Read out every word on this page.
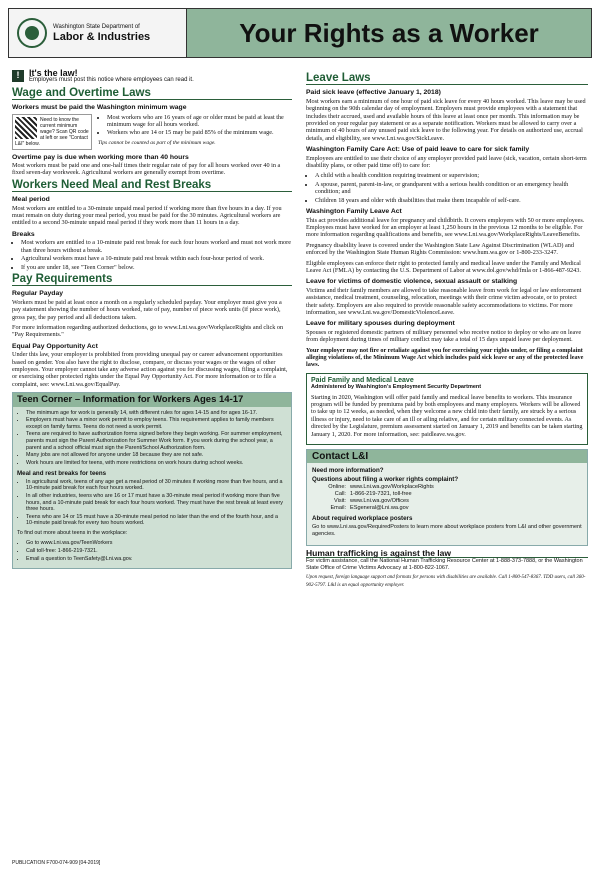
Washington State Department of
Labor & Industries	Your Rights as a Worker
!	It's the law!
Employers must post this notice where employees can read it.
Wage and Overtime Laws
Workers must be paid the Washington minimum wage
Need to know the current minimum wage? Scan QR code at left or see "Contact L&I" below.
• Most workers who are 16 years of age or older must be paid at least the minimum wage for all hours worked.
• Workers who are 14 or 15 may be paid 85% of the minimum wage.
Tips cannot be counted as part of the minimum wage.
Overtime pay is due when working more than 40 hours

Most workers must be paid one and one-half times their regular rate of pay for all hours worked over 40 in a fixed seven-day workweek. Agricultural workers are generally exempt from overtime.

Workers Need Meal and Rest Breaks
Meal period

Most workers are entitled to a 30-minute unpaid meal period if working more than five hours in a day. If you must remain on duty during your meal period, you must be paid for the 30 minutes. Agricultural workers are entitled to a second 30-minute unpaid meal period if they work more than 11 hours in a day.

Breaks
• Most workers are entitled to a 10-minute paid rest break for each four hours worked and must not work more than three hours without a break.
• Agricultural workers must have a 10-minute paid rest break within each four-hour period of work.
• If you are under 18, see "Teen Corner" below.
Pay Requirements
Regular Payday

Workers must be paid at least once a month on a regularly scheduled payday. Your employer must give you a pay statement showing the number of hours worked, rate of pay, number of piece work units (if piece work), gross pay, the pay period and all deductions taken.

For more information regarding authorized deductions, go to www.Lni.wa.gov/WorkplaceRights and click on "Pay Requirements."

Equal Pay Opportunity Act

Under this law, your employer is prohibited from providing unequal pay or career advancement opportunities based on gender. You also have the right to disclose, compare, or discuss your wages or the wages of other employees. Your employer cannot take any adverse action against you for discussing wages, filing a complaint, or exercising other protected rights under the Equal Pay Opportunity Act. For more information or to file a complaint, see: www.Lni.wa.gov/EqualPay.

Teen Corner – Information for Workers Ages 14-17
• The minimum age for work is generally 14, with different rules for ages 14-15 and for ages 16-17.
• Employers must have a minor work permit to employ teens. This requirement applies to family members except on family farms. Teens do not need a work permit.
• Teens are required to have authorization forms signed before they begin working. For summer employment, parents must sign the Parent Authorization for Summer Work form. If you work during the school year, a parent and a school official must sign the Parent/School Authorization form.
• Many jobs are not allowed for anyone under 18 because they are not safe.
• Work hours are limited for teens, with more restrictions on work hours during school weeks.
Meal and rest breaks for teens
• In agricultural work, teens of any age get a meal period of 30 minutes if working more than five hours, and a 10-minute paid break for each four hours worked.
• In all other industries, teens who are 16 or 17 must have a 30-minute meal period if working more than five hours, and a 10-minute paid break for each four hours worked. They must have the rest break at least every three hours.
• Teens who are 14 or 15 must have a 30-minute meal period no later than the end of the fourth hour, and a 10-minute paid break for every two hours worked.

To find out more about teens in the workplace:

• Go to www.Lni.wa.gov/TeenWorkers
• Call toll-free: 1-866-219-7321.
• Email a question to TeenSafety@Lni.wa.gov.
Leave Laws
Paid sick leave (effective January 1, 2018)

Most workers earn a minimum of one hour of paid sick leave for every 40 hours worked. This leave may be used beginning on the 90th calendar day of employment. Employers must provide employees with a statement that includes their accrued, used and available hours of this leave at least once per month. This information may be provided on your regular pay statement or as a separate notification. Workers must be allowed to carry over a minimum of 40 hours of any unused paid sick leave to the following year. For details on authorized use, accrual details, and eligibility, see www.Lni.wa.gov/SickLeave.

Washington Family Care Act: Use of paid leave to care for sick family

Employees are entitled to use their choice of any employer provided paid leave (sick, vacation, certain short-term disability plans, or other paid time off) to care for:

• A child with a health condition requiring treatment or supervision;
• A spouse, parent, parent-in-law, or grandparent with a serious health condition or an emergency health condition; and
• Children 18 years and older with disabilities that make them incapable of self-care.
Washington Family Leave Act

This act provides additional leave for pregnancy and childbirth. It covers employers with 50 or more employees. Employees must have worked for an employer at least 1,250 hours in the previous 12 months to be eligible. For more information regarding qualifications and benefits, see www.Lni.wa.gov/WorkplaceRights/LeaveBenefits.

Pregnancy disability leave is covered under the Washington State Law Against Discrimination (WLAD) and enforced by the Washington State Human Rights Commission: www.hum.wa.gov or 1-800-233-3247.

Eligible employees can enforce their right to protected family and medical leave under the Family and Medical Leave Act (FMLA) by contacting the U.S. Department of Labor at www.dol.gov/whd/fmla or 1-866-487-9243.

Leave for victims of domestic violence, sexual assault or stalking

Victims and their family members are allowed to take reasonable leave from work for legal or law enforcement assistance, medical treatment, counseling, relocation, meetings with their crime victim advocate, or to protect their safety. Employers are also required to provide reasonable safety accommodations to victims. For more information, see www.Lni.wa.gov/DomesticViolenceLeave.

Leave for military spouses during deployment

Spouses or registered domestic partners of military personnel who receive notice to deploy or who are on leave from deployment during times of military conflict may take a total of 15 days unpaid leave per deployment.

Your employer may not fire or retaliate against you for exercising your rights under, or filing a complaint alleging violations of, the Minimum Wage Act which includes paid sick leave or any of the protected leave laws.

Paid Family and Medical Leave
Administered by Washington's Employment Security Department

Starting in 2020, Washington will offer paid family and medical leave benefits to workers. This insurance program will be funded by premiums paid by both employees and many employers. Workers will be allowed to take up to 12 weeks, as needed, when they welcome a new child into their family, are struck by a serious illness or injury, need to take care of an ill or ailing relative, and for certain military connected events. As directed by the Legislature, premium assessment started on January 1, 2019 and benefits can be taken starting January 1, 2020. For more information, see: paidleave.wa.gov.

Contact L&I
Need more information?
Questions about filing a worker rights complaint?
Online: www.Lni.wa.gov/WorkplaceRights
Call: 1-866-219-7321, toll-free
Visit: www.Lni.wa.gov/Offices
Email: ESgeneral@Lni.wa.gov
About required workplace posters

Go to www.Lni.wa.gov/RequiredPosters to learn more about workplace posters from L&I and other government agencies.

Human trafficking is against the law
For victim assistance, call the National Human Trafficking Resource Center at 1-888-373-7888, or the Washington State Office of Crime Victims Advocacy at 1-800-822-1067.
Upon request, foreign language support and formats for persons with disabilities are available. Call 1-800-547-8367. TDD users, call 360-902-5797. L&I is an equal opportunity employer.
PUBLICATION F700-074-909 [04-2019]
